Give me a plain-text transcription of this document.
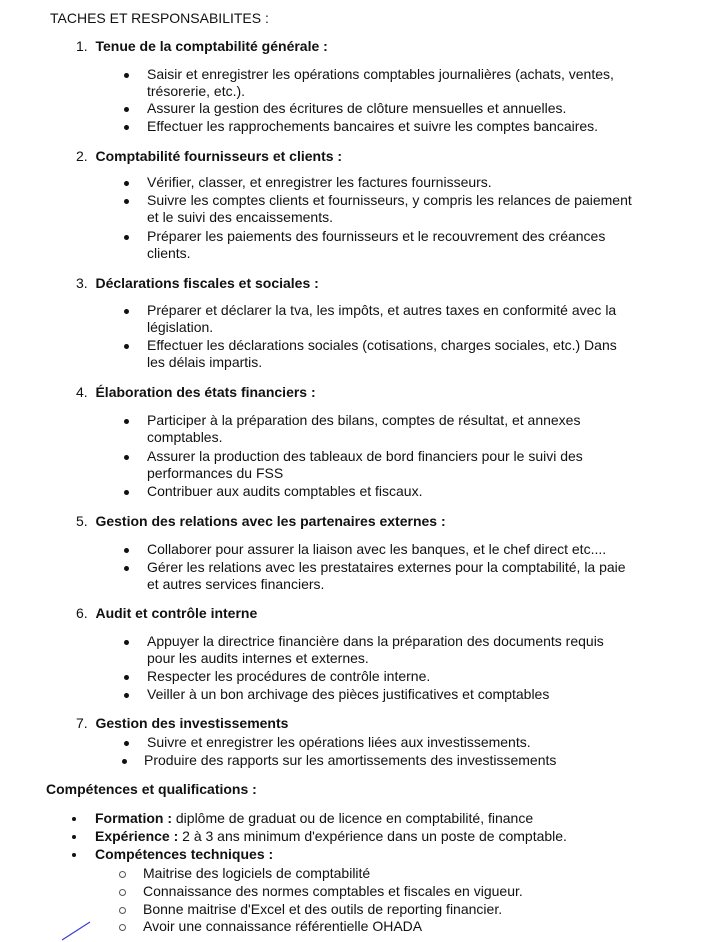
TACHES ET RESPONSABILITES :
1. Tenue de la comptabilité générale :
Saisir et enregistrer les opérations comptables journalières (achats, ventes,
trésorerie, etc.).
Assurer la gestion des écritures de clôture mensuelles et annuelles.
Effectuer les rapprochements bancaires et suivre les comptes bancaires.
2. Comptabilité fournisseurs et clients :
Vérifier, classer, et enregistrer les factures fournisseurs.
Suivre les comptes clients et fournisseurs, y compris les relances de paiement
et le suivi des encaissements.
Préparer les paiements des fournisseurs et le recouvrement des créances
clients.
3. Déclarations fiscales et sociales :
Préparer et déclarer la tva, les impôts, et autres taxes en conformité avec la
législation.
Effectuer les déclarations sociales (cotisations, charges sociales, etc.) Dans
les délais impartis.
4. Élaboration des états financiers :
Participer à la préparation des bilans, comptes de résultat, et annexes
comptables.
Assurer la production des tableaux de bord financiers pour le suivi des
performances du FSS
Contribuer aux audits comptables et fiscaux.
5. Gestion des relations avec les partenaires externes :
Collaborer pour assurer la liaison avec les banques, et le chef direct etc....
Gérer les relations avec les prestataires externes pour la comptabilité, la paie
et autres services financiers.
6. Audit et contrôle interne
Appuyer la directrice financière dans la préparation des documents requis
pour les audits internes et externes.
Respecter les procédures de contrôle interne.
Veiller à un bon archivage des pièces justificatives et comptables
7. Gestion des investissements
Suivre et enregistrer les opérations liées aux investissements.
Produire des rapports sur les amortissements des investissements
Compétences et qualifications :
Formation : diplôme de graduat ou de licence en comptabilité, finance
Expérience : 2 à 3 ans minimum d'expérience dans un poste de comptable.
Compétences techniques :
Maitrise des logiciels de comptabilité
Connaissance des normes comptables et fiscales en vigueur.
Bonne maitrise d'Excel et des outils de reporting financier.
Avoir une connaissance référentielle OHADA
